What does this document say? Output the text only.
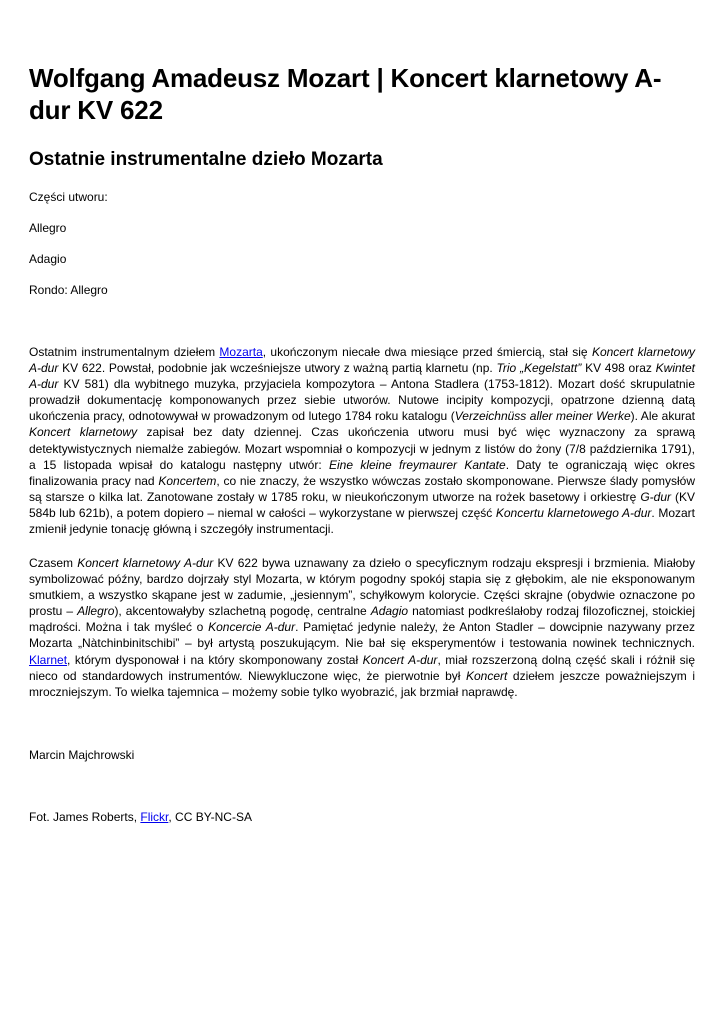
Wolfgang Amadeusz Mozart | Koncert klarnetowy A-dur KV 622
Ostatnie instrumentalne dzieło Mozarta

Części utworu:

Allegro

Adagio

Rondo: Allegro

Ostatnim instrumentalnym dziełem Mozarta, ukończonym niecałe dwa miesiące przed śmiercią, stał się Koncert klarnetowy A-dur KV 622. Powstał, podobnie jak wcześniejsze utwory z ważną partią klarnetu (np. Trio „Kegelstatt” KV 498 oraz Kwintet A-dur KV 581) dla wybitnego muzyka, przyjaciela kompozytora – Antona Stadlera (1753-1812). Mozart dość skrupulatnie prowadził dokumentację komponowanych przez siebie utworów. Nutowe incipity kompozycji, opatrzone dzienną datą ukończenia pracy, odnotowywał w prowadzonym od lutego 1784 roku katalogu (Verzeichnüss aller meiner Werke). Ale akurat Koncert klarnetowy zapisał bez daty dziennej. Czas ukończenia utworu musi być więc wyznaczony za sprawą detektywistycznych niemalże zabiegów. Mozart wspomniał o kompozycji w jednym z listów do żony (7/8 października 1791), a 15 listopada wpisał do katalogu następny utwór: Eine kleine freymaurer Kantate. Daty te ograniczają więc okres finalizowania pracy nad Koncertem, co nie znaczy, że wszystko wówczas zostało skomponowane. Pierwsze ślady pomysłów są starsze o kilka lat. Zanotowane zostały w 1785 roku, w nieukończonym utworze na rożek basetowy i orkiestrę G-dur (KV 584b lub 621b), a potem dopiero – niemal w całości – wykorzystane w pierwszej część Koncertu klarnetowego A-dur. Mozart zmienił jedynie tonację główną i szczegóły instrumentacji.

Czasem Koncert klarnetowy A-dur KV 622 bywa uznawany za dzieło o specyficznym rodzaju ekspresji i brzmienia. Miałoby symbolizować późny, bardzo dojrzały styl Mozarta, w którym pogodny spokój stapia się z głębokim, ale nie eksponowanym smutkiem, a wszystko skąpane jest w zadumie, „jesiennym”, schyłkowym kolorycie. Części skrajne (obydwie oznaczone po prostu – Allegro), akcentowałyby szlachetną pogodę, centralne Adagio natomiast podkreślałoby rodzaj filozoficznej, stoickiej mądrości. Można i tak myśleć o Koncercie A-dur. Pamiętać jedynie należy, że Anton Stadler – dowcipnie nazywany przez Mozarta „Nàtchinbinitschibi” – był artystą poszukującym. Nie bał się eksperymentów i testowania nowinek technicznych. Klarnet, którym dysponował i na który skomponowany został Koncert A-dur, miał rozszerzoną dolną część skali i różnił się nieco od standardowych instrumentów. Niewykluczone więc, że pierwotnie był Koncert dziełem jeszcze poważniejszym i mroczniejszym. To wielka tajemnica – możemy sobie tylko wyobrazić, jak brzmiał naprawdę.

Marcin Majchrowski

Fot. James Roberts, Flickr, CC BY-NC-SA
